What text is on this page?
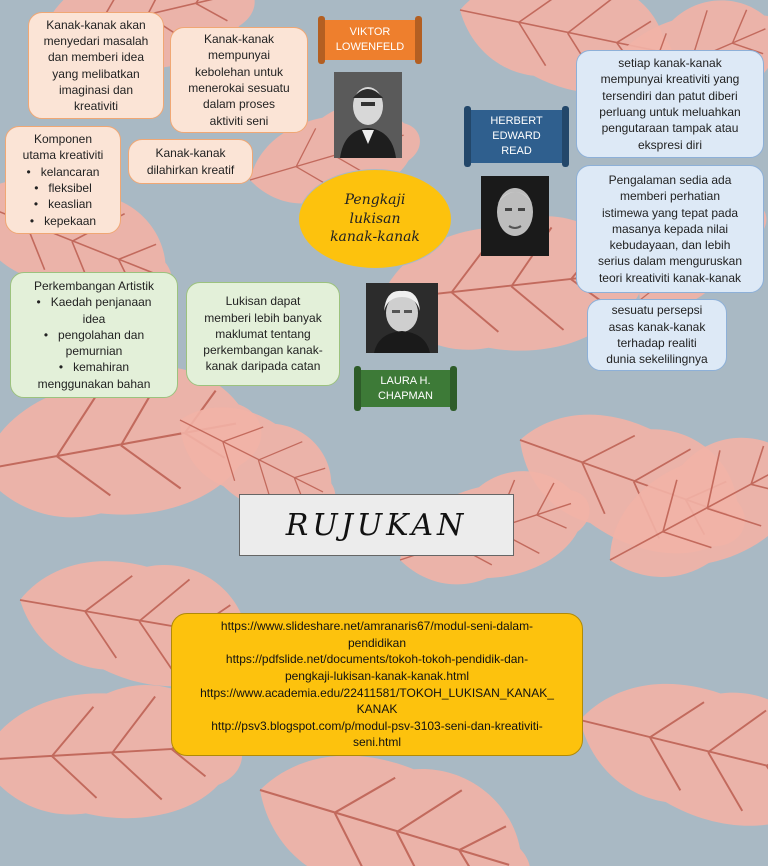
Kanak-kanak akan
menyedari masalah
dan memberi idea
yang melibatkan
imaginasi dan
kreativiti
Kanak-kanak
mempunyai
kebolehan untuk
menerokai sesuatu
dalam proses
aktiviti seni
VIKTOR
LOWENFELD
Komponen
utama kreativiti
• kelancaran
• fleksibel
• keaslian
• kepekaan
Kanak-kanak
dilahirkan kreatif
Pengkaji
lukisan
kanak-kanak
HERBERT
EDWARD
READ
setiap kanak-kanak
mempunyai kreativiti yang
tersendiri dan patut diberi
perluang untuk meluahkan
pengutaraan tampak atau
ekspresi diri
Pengalaman sedia ada
memberi perhatian
istimewa yang tepat pada
masanya kepada nilai
kebudayaan, dan lebih
serius dalam menguruskan
teori kreativiti kanak-kanak
sesuatu persepsi
asas kanak-kanak
terhadap realiti
dunia sekelilingnya
Perkembangan Artistik
• Kaedah penjanaan
idea
• pengolahan dan
pemurnian
• kemahiran
menggunakan bahan
Lukisan dapat
memberi lebih banyak
maklumat tentang
perkembangan kanak-
kanak daripada catan
LAURA H.
CHAPMAN
RUJUKAN
https://www.slideshare.net/amranaris67/modul-seni-dalam-
pendidikan
https://pdfslide.net/documents/tokoh-tokoh-pendidik-dan-
pengkaji-lukisan-kanak-kanak.html
https://www.academia.edu/22411581/TOKOH_LUKISAN_KANAK_
KANAK
http://psv3.blogspot.com/p/modul-psv-3103-seni-dan-kreativiti-
seni.html
